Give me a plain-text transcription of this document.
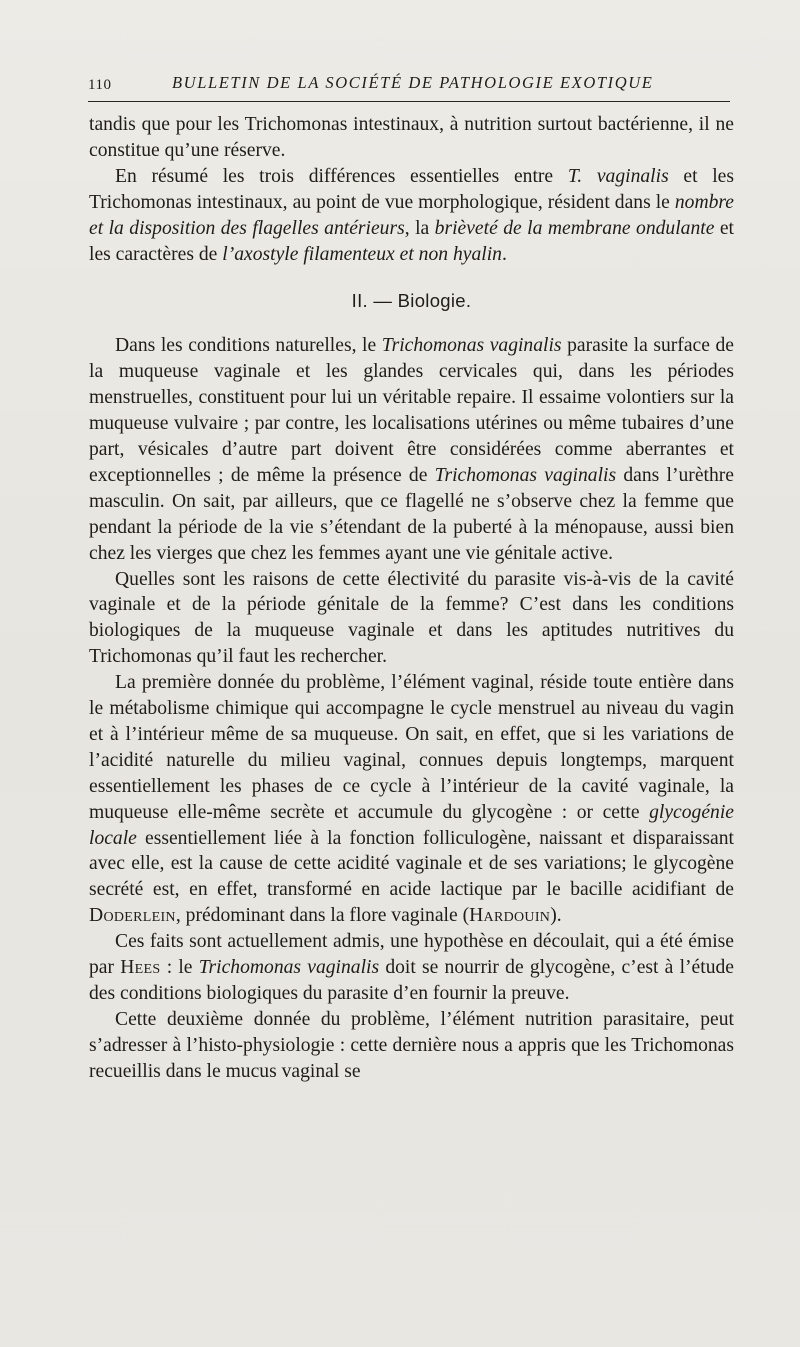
110	BULLETIN DE LA SOCIÉTÉ DE PATHOLOGIE EXOTIQUE

tandis que pour les Trichomonas intestinaux, à nutrition surtout bactérienne, il ne constitue qu’une réserve.

En résumé les trois différences essentielles entre T. vaginalis et les Trichomonas intestinaux, au point de vue morphologique, résident dans le nombre et la disposition des flagelles antérieurs, la brièveté de la membrane ondulante et les caractères de l’axostyle filamenteux et non hyalin.

II. — Biologie.

Dans les conditions naturelles, le Trichomonas vaginalis parasite la surface de la muqueuse vaginale et les glandes cervicales qui, dans les périodes menstruelles, constituent pour lui un véritable repaire. Il essaime volontiers sur la muqueuse vulvaire ; par contre, les localisations utérines ou même tubaires d’une part, vésicales d’autre part doivent être considérées comme aberrantes et exceptionnelles ; de même la présence de Trichomonas vaginalis dans l’urèthre masculin. On sait, par ailleurs, que ce flagellé ne s’observe chez la femme que pendant la période de la vie s’étendant de la puberté à la ménopause, aussi bien chez les vierges que chez les femmes ayant une vie génitale active.

Quelles sont les raisons de cette électivité du parasite vis-à-vis de la cavité vaginale et de la période génitale de la femme? C’est dans les conditions biologiques de la muqueuse vaginale et dans les aptitudes nutritives du Trichomonas qu’il faut les rechercher.

La première donnée du problème, l’élément vaginal, réside toute entière dans le métabolisme chimique qui accompagne le cycle menstruel au niveau du vagin et à l’intérieur même de sa muqueuse. On sait, en effet, que si les variations de l’acidité naturelle du milieu vaginal, connues depuis longtemps, marquent essentiellement les phases de ce cycle à l’intérieur de la cavité vaginale, la muqueuse elle-même secrète et accumule du glycogène : or cette glycogénie locale essentiellement liée à la fonction folliculogène, naissant et disparaissant avec elle, est la cause de cette acidité vaginale et de ses variations; le glycogène secrété est, en effet, transformé en acide lactique par le bacille acidifiant de Doderlein, prédominant dans la flore vaginale (Hardouin).

Ces faits sont actuellement admis, une hypothèse en découlait, qui a été émise par Hees : le Trichomonas vaginalis doit se nourrir de glycogène, c’est à l’étude des conditions biologiques du parasite d’en fournir la preuve.

Cette deuxième donnée du problème, l’élément nutrition parasitaire, peut s’adresser à l’histo-physiologie : cette dernière nous a appris que les Trichomonas recueillis dans le mucus vaginal se
